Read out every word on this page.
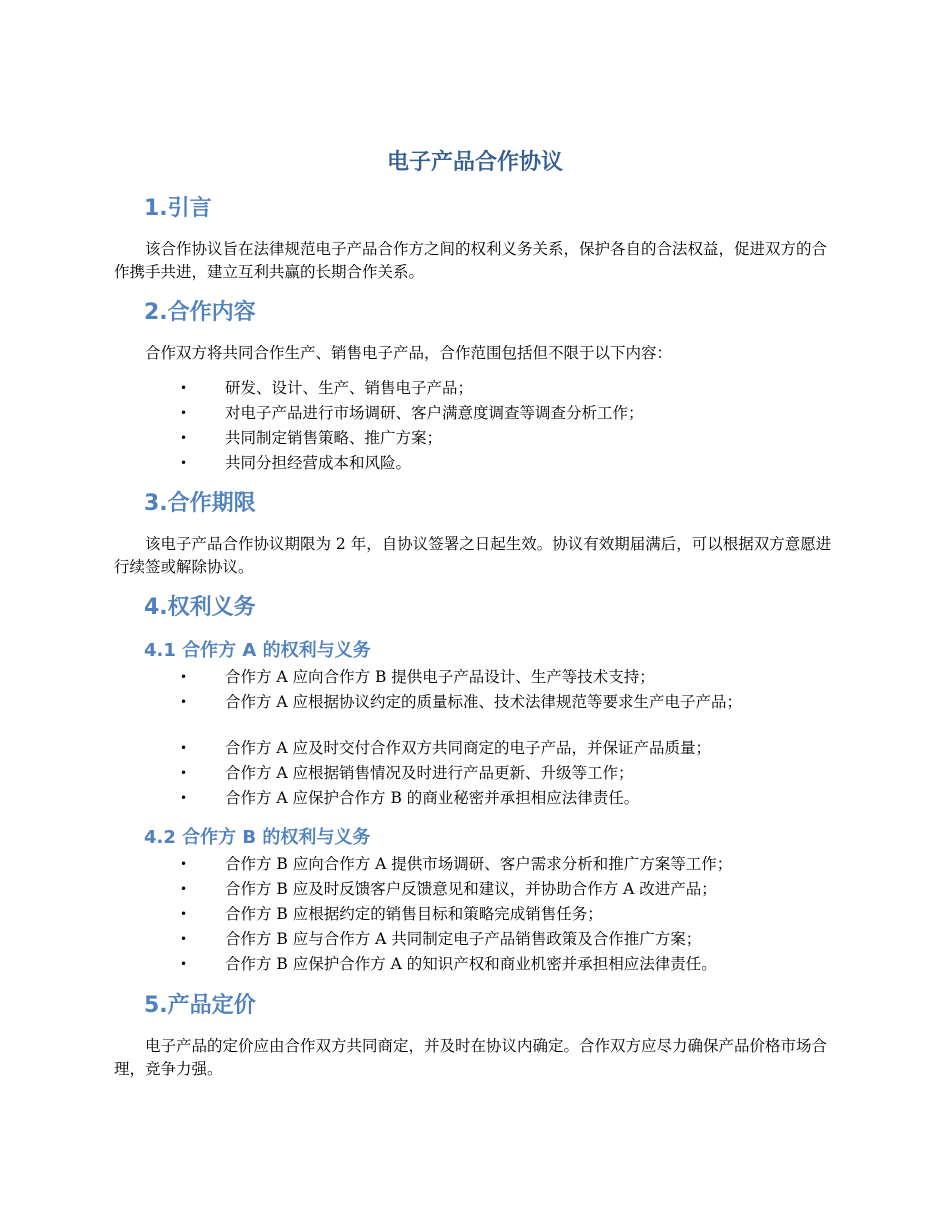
电子产品合作协议
1.引言

该合作协议旨在法律规范电子产品合作方之间的权利义务关系，保护各自的合法权益，促进双方的合作携手共进，建立互利共赢的长期合作关系。

2.合作内容

合作双方将共同合作生产、销售电子产品，合作范围包括但不限于以下内容：

•	研发、设计、生产、销售电子产品；
•	对电子产品进行市场调研、客户满意度调查等调查分析工作；
•	共同制定销售策略、推广方案；
•	共同分担经营成本和风险。
3.合作期限

该电子产品合作协议期限为 2 年，自协议签署之日起生效。协议有效期届满后，可以根据双方意愿进行续签或解除协议。

4.权利义务
4.1 合作方 A 的权利与义务
•	合作方 A 应向合作方 B 提供电子产品设计、生产等技术支持；
•	合作方 A 应根据协议约定的质量标准、技术法律规范等要求生产电子产品；
•	合作方 A 应及时交付合作双方共同商定的电子产品，并保证产品质量；
•	合作方 A 应根据销售情况及时进行产品更新、升级等工作；
•	合作方 A 应保护合作方 B 的商业秘密并承担相应法律责任。
4.2 合作方 B 的权利与义务
•	合作方 B 应向合作方 A 提供市场调研、客户需求分析和推广方案等工作；
•	合作方 B 应及时反馈客户反馈意见和建议，并协助合作方 A 改进产品；
•	合作方 B 应根据约定的销售目标和策略完成销售任务；
•	合作方 B 应与合作方 A 共同制定电子产品销售政策及合作推广方案；
•	合作方 B 应保护合作方 A 的知识产权和商业机密并承担相应法律责任。
5.产品定价

电子产品的定价应由合作双方共同商定，并及时在协议内确定。合作双方应尽力确保产品价格市场合理，竞争力强。
